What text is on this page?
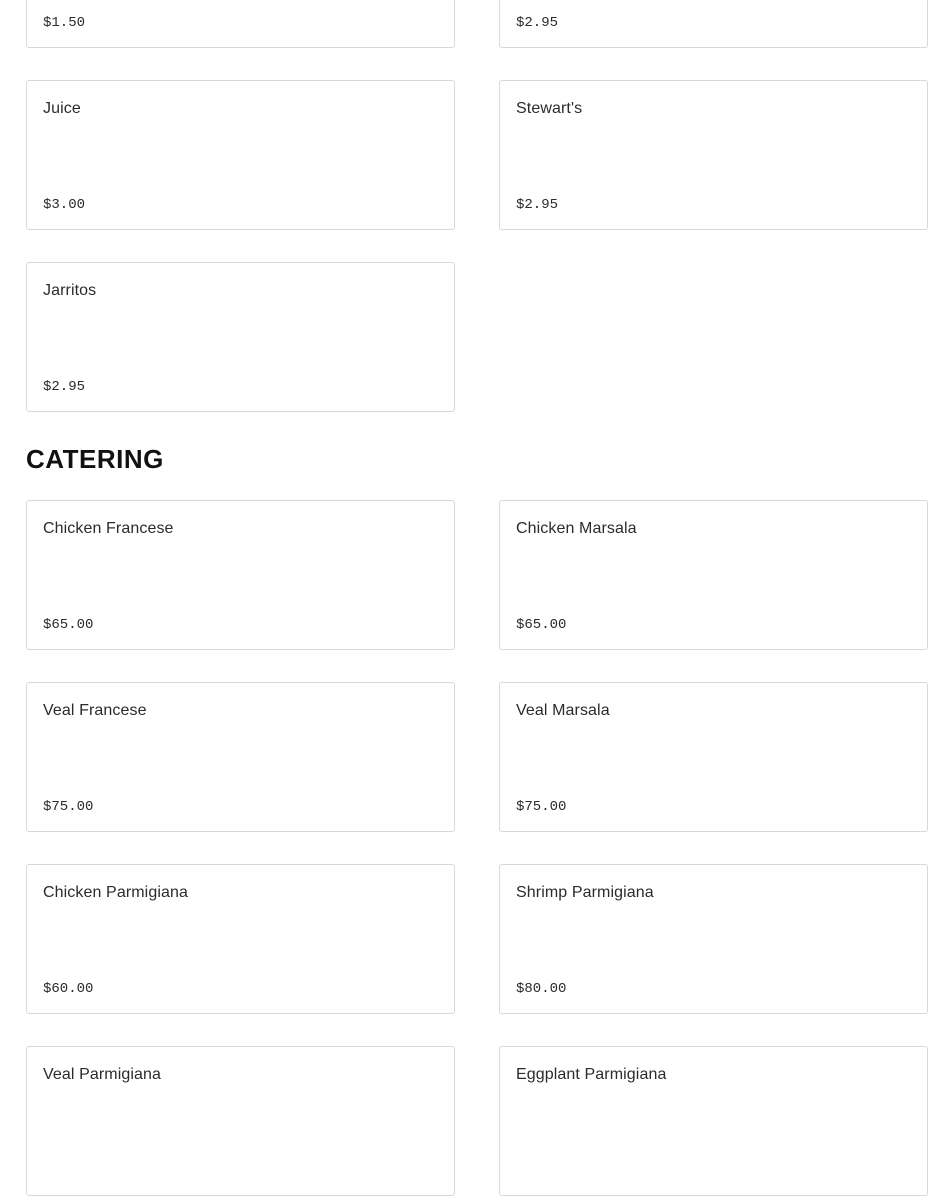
$1.50	$2.95
Juice
$3.00
Stewart's
$2.95
Jarritos
$2.95
CATERING
Chicken Francese
$65.00
Chicken Marsala
$65.00
Veal Francese
$75.00
Veal Marsala
$75.00
Chicken Parmigiana
$60.00
Shrimp Parmigiana
$80.00
Veal Parmigiana	Eggplant Parmigiana
